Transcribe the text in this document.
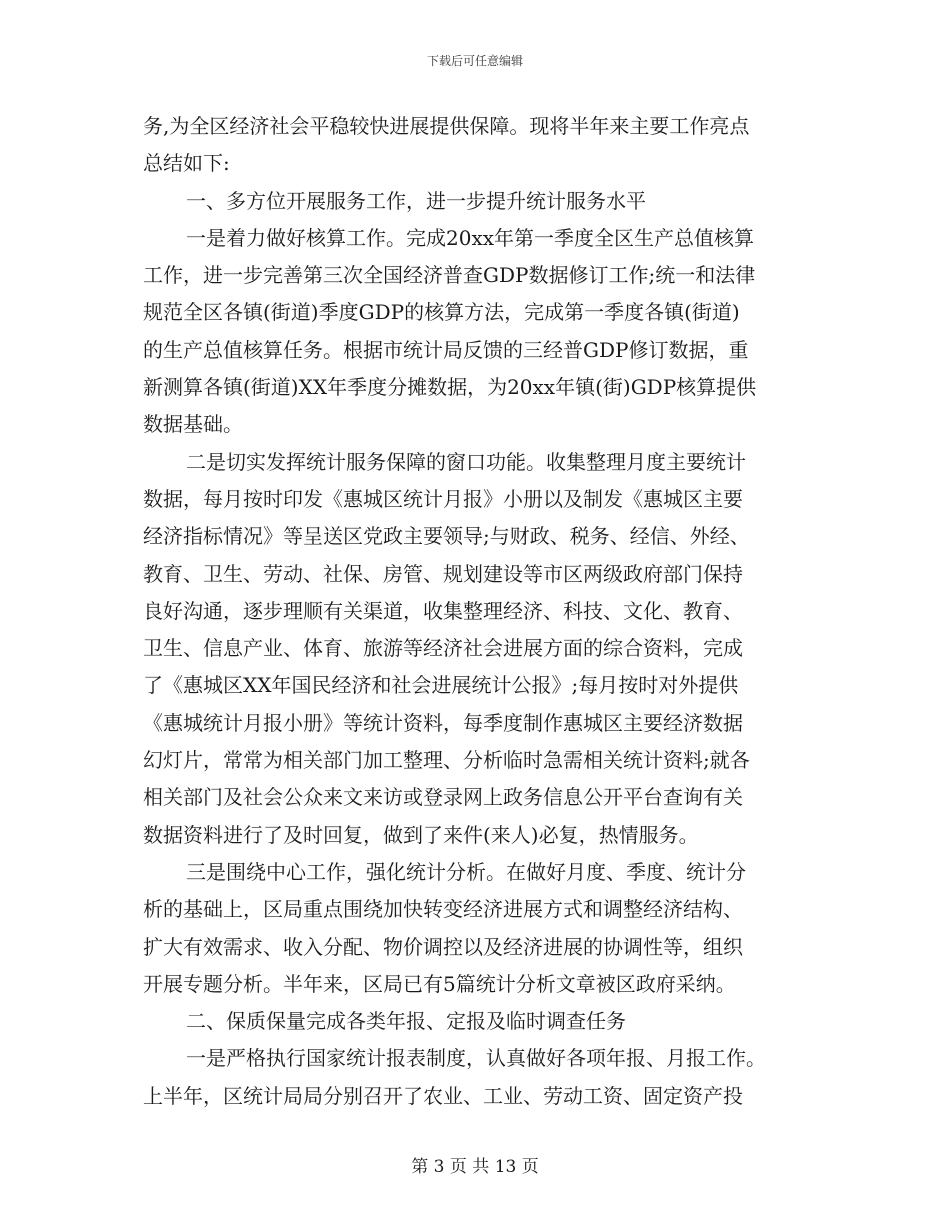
下载后可任意编辑
务,为全区经济社会平稳较快进展提供保障。现将半年来主要工作亮点
总结如下:
一、多方位开展服务工作，进一步提升统计服务水平
一是着力做好核算工作。完成20xx年第一季度全区生产总值核算
工作，进一步完善第三次全国经济普查GDP数据修订工作;统一和法律
规范全区各镇(街道)季度GDP的核算方法，完成第一季度各镇(街道)
的生产总值核算任务。根据市统计局反馈的三经普GDP修订数据，重
新测算各镇(街道)XX年季度分摊数据，为20xx年镇(街)GDP核算提供
数据基础。
二是切实发挥统计服务保障的窗口功能。收集整理月度主要统计
数据，每月按时印发《惠城区统计月报》小册以及制发《惠城区主要
经济指标情况》等呈送区党政主要领导;与财政、税务、经信、外经、
教育、卫生、劳动、社保、房管、规划建设等市区两级政府部门保持
良好沟通，逐步理顺有关渠道，收集整理经济、科技、文化、教育、
卫生、信息产业、体育、旅游等经济社会进展方面的综合资料，完成
了《惠城区XX年国民经济和社会进展统计公报》;每月按时对外提供
《惠城统计月报小册》等统计资料，每季度制作惠城区主要经济数据
幻灯片，常常为相关部门加工整理、分析临时急需相关统计资料;就各
相关部门及社会公众来文来访或登录网上政务信息公开平台查询有关
数据资料进行了及时回复，做到了来件(来人)必复，热情服务。
三是围绕中心工作，强化统计分析。在做好月度、季度、统计分
析的基础上，区局重点围绕加快转变经济进展方式和调整经济结构、
扩大有效需求、收入分配、物价调控以及经济进展的协调性等，组织
开展专题分析。半年来，区局已有5篇统计分析文章被区政府采纳。
二、保质保量完成各类年报、定报及临时调查任务
一是严格执行国家统计报表制度，认真做好各项年报、月报工作。
上半年，区统计局局分别召开了农业、工业、劳动工资、固定资产投
第 3 页 共 13 页
